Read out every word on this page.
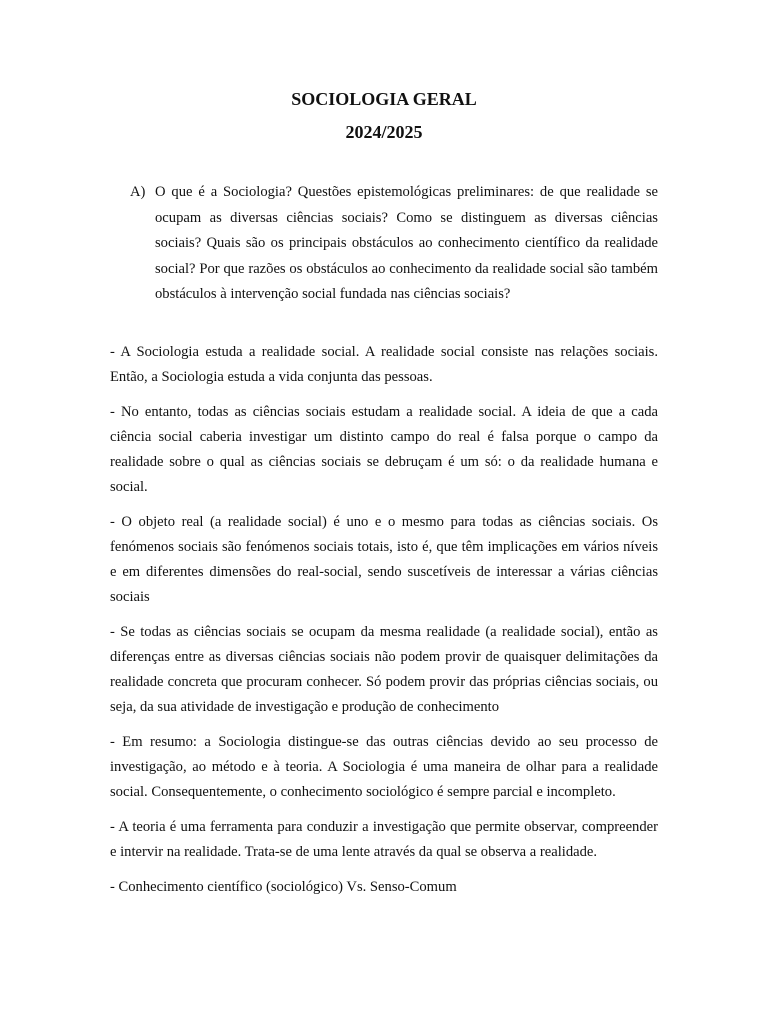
SOCIOLOGIA GERAL
2024/2025
A) O que é a Sociologia? Questões epistemológicas preliminares: de que realidade se ocupam as diversas ciências sociais? Como se distinguem as diversas ciências sociais? Quais são os principais obstáculos ao conhecimento científico da realidade social? Por que razões os obstáculos ao conhecimento da realidade social são também obstáculos à intervenção social fundada nas ciências sociais?

- A Sociologia estuda a realidade social. A realidade social consiste nas relações sociais. Então, a Sociologia estuda a vida conjunta das pessoas.

- No entanto, todas as ciências sociais estudam a realidade social. A ideia de que a cada ciência social caberia investigar um distinto campo do real é falsa porque o campo da realidade sobre o qual as ciências sociais se debruçam é um só: o da realidade humana e social.

- O objeto real (a realidade social) é uno e o mesmo para todas as ciências sociais. Os fenómenos sociais são fenómenos sociais totais, isto é, que têm implicações em vários níveis e em diferentes dimensões do real-social, sendo suscetíveis de interessar a várias ciências sociais

- Se todas as ciências sociais se ocupam da mesma realidade (a realidade social), então as diferenças entre as diversas ciências sociais não podem provir de quaisquer delimitações da realidade concreta que procuram conhecer. Só podem provir das próprias ciências sociais, ou seja, da sua atividade de investigação e produção de conhecimento

- Em resumo: a Sociologia distingue-se das outras ciências devido ao seu processo de investigação, ao método e à teoria. A Sociologia é uma maneira de olhar para a realidade social. Consequentemente, o conhecimento sociológico é sempre parcial e incompleto.

- A teoria é uma ferramenta para conduzir a investigação que permite observar, compreender e intervir na realidade. Trata-se de uma lente através da qual se observa a realidade.

- Conhecimento científico (sociológico) Vs. Senso-Comum
